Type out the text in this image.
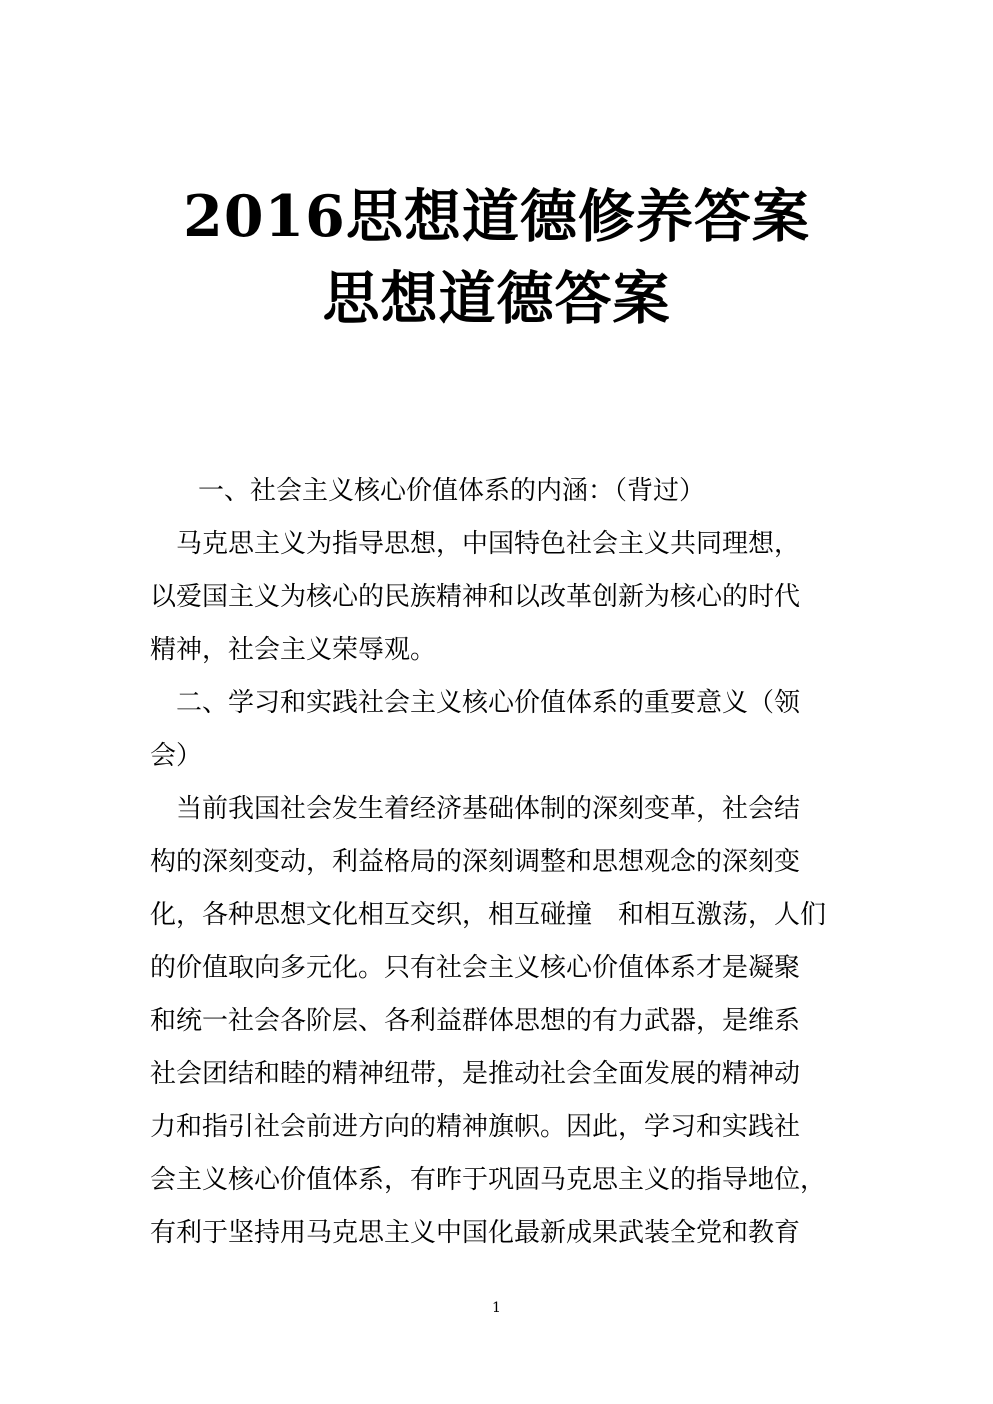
2016思想道德修养答案
思想道德答案
一、社会主义核心价值体系的内涵：（背过）
马克思主义为指导思想，中国特色社会主义共同理想，
以爱国主义为核心的民族精神和以改革创新为核心的时代
精神，社会主义荣辱观。
二、学习和实践社会主义核心价值体系的重要意义（领
会）
当前我国社会发生着经济基础体制的深刻变革，社会结
构的深刻变动，利益格局的深刻调整和思想观念的深刻变
化，各种思想文化相互交织，相互碰撞　和相互激荡，人们
的价值取向多元化。只有社会主义核心价值体系才是凝聚
和统一社会各阶层、各利益群体思想的有力武器，是维系
社会团结和睦的精神纽带，是推动社会全面发展的精神动
力和指引社会前进方向的精神旗帜。因此，学习和实践社
会主义核心价值体系，有昨于巩固马克思主义的指导地位，
有利于坚持用马克思主义中国化最新成果武装全党和教育
1
